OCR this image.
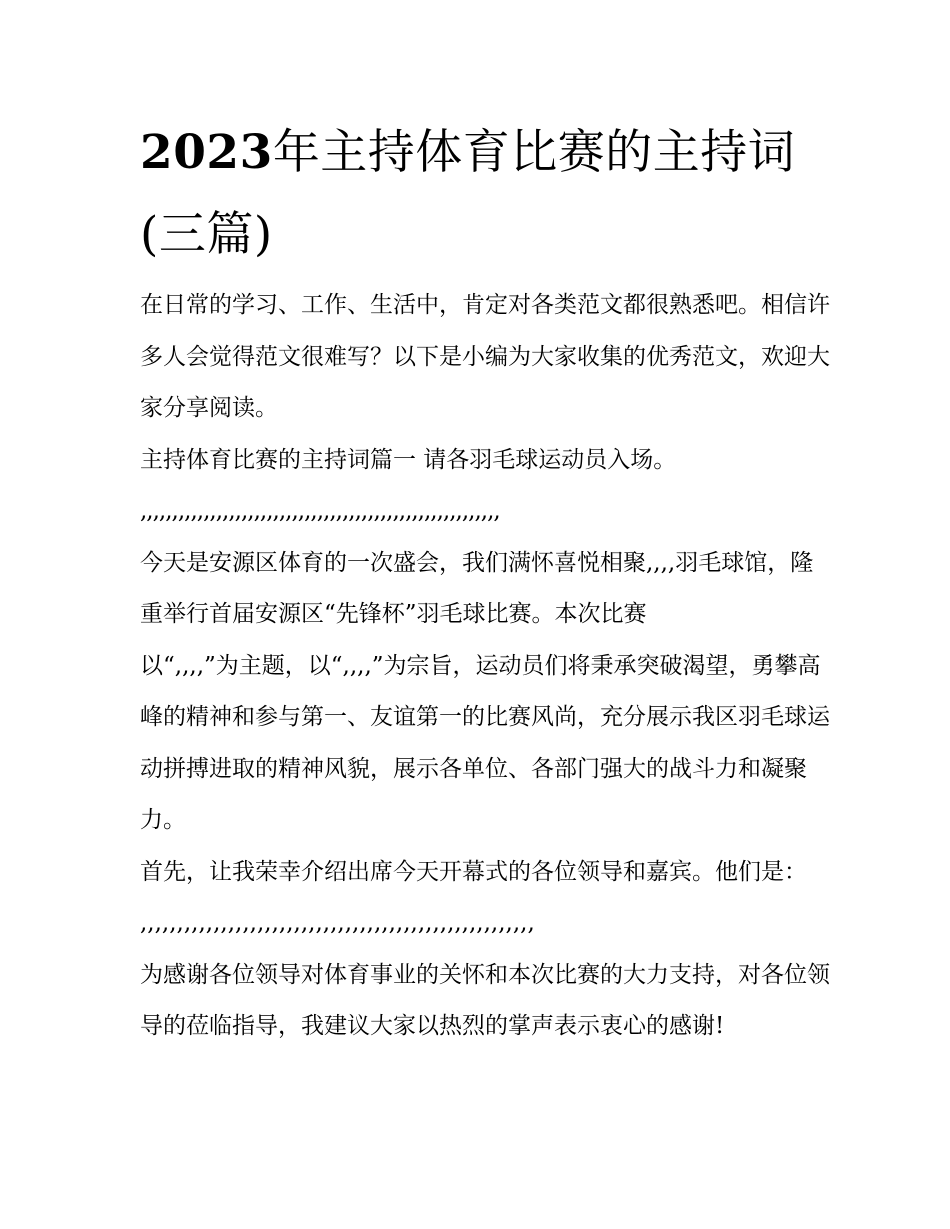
2023年主持体育比赛的主持词
(三篇)

在日常的学习、工作、生活中，肯定对各类范文都很熟悉吧。相信许多人会觉得范文很难写？以下是小编为大家收集的优秀范文，欢迎大家分享阅读。

主持体育比赛的主持词篇一 请各羽毛球运动员入场。

,,,,,,,,,,,,,,,,,,,,,,,,,,,,,,,,,,,,,,,,,,,,,,,,,,,,,,,,,

今天是安源区体育的一次盛会，我们满怀喜悦相聚,,,,羽毛球馆，隆重举行首届安源区“先锋杯”羽毛球比赛。本次比赛

以“,,,,”为主题，以“,,,,”为宗旨，运动员们将秉承突破渴望，勇攀高峰的精神和参与第一、友谊第一的比赛风尚，充分展示我区羽毛球运动拼搏进取的精神风貌，展示各单位、各部门强大的战斗力和凝聚力。

首先，让我荣幸介绍出席今天开幕式的各位领导和嘉宾。他们是： ,,,,,,,,,,,,,,,,,,,,,,,,,,,,,,,,,,,,,,,,,,,,,,,,,,,,,,

为感谢各位领导对体育事业的关怀和本次比赛的大力支持，对各位领导的莅临指导，我建议大家以热烈的掌声表示衷心的感谢!
